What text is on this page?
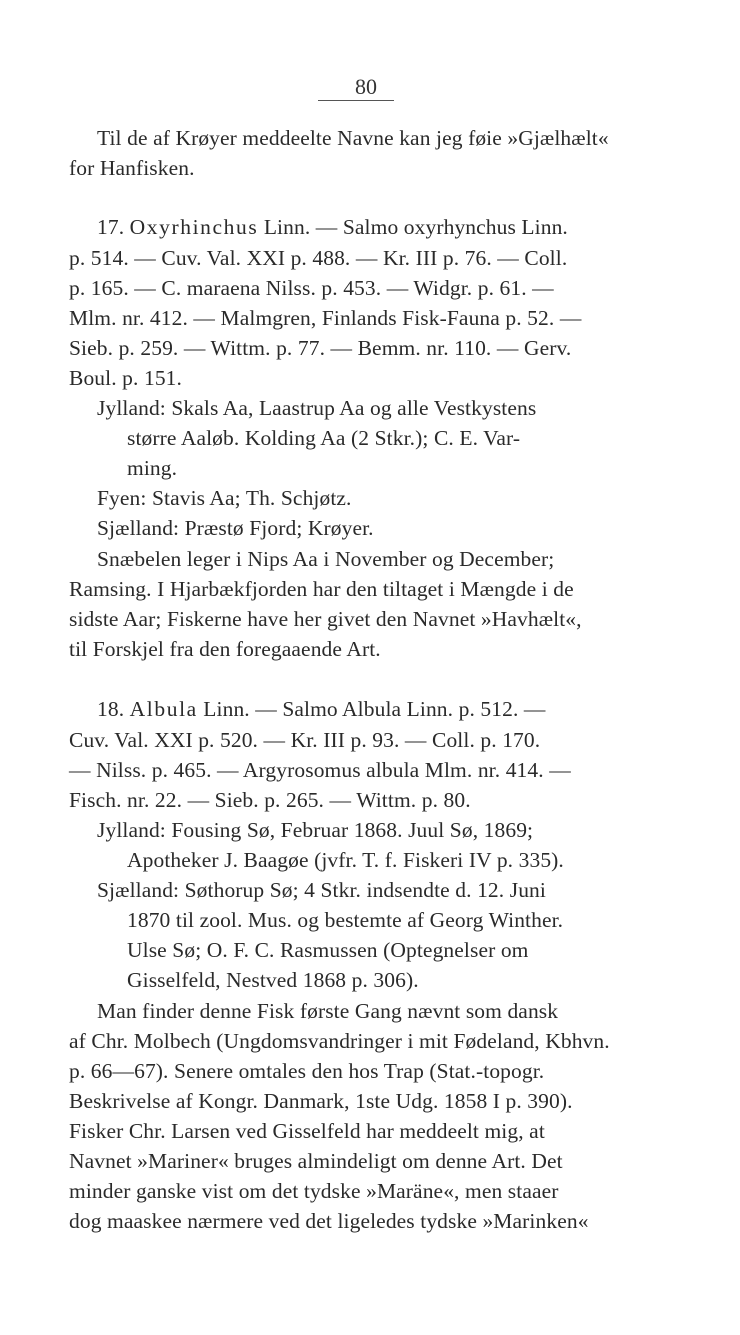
80
Til de af Krøyer meddeelte Navne kan jeg føie »Gjælhælt«
for Hanfisken.
17. Oxyrhinchus Linn. — Salmo oxyrhynchus Linn.
p. 514. — Cuv. Val. XXI p. 488. — Kr. III p. 76. — Coll.
p. 165. — C. maraena Nilss. p. 453. — Widgr. p. 61. —
Mlm. nr. 412. — Malmgren, Finlands Fisk-Fauna p. 52. —
Sieb. p. 259. — Wittm. p. 77. — Bemm. nr. 110. — Gerv.
Boul. p. 151.
Jylland: Skals Aa, Laastrup Aa og alle Vestkystens
større Aaløb. Kolding Aa (2 Stkr.); C. E. Var-
ming.
Fyen: Stavis Aa; Th. Schjøtz.
Sjælland: Præstø Fjord; Krøyer.
Snæbelen leger i Nips Aa i November og December;
Ramsing. I Hjarbækfjorden har den tiltaget i Mængde i de
sidste Aar; Fiskerne have her givet den Navnet »Havhælt«,
til Forskjel fra den foregaaende Art.
18. Albula Linn. — Salmo Albula Linn. p. 512. —
Cuv. Val. XXI p. 520. — Kr. III p. 93. — Coll. p. 170.
— Nilss. p. 465. — Argyrosomus albula Mlm. nr. 414. —
Fisch. nr. 22. — Sieb. p. 265. — Wittm. p. 80.
Jylland: Fousing Sø, Februar 1868. Juul Sø, 1869;
Apotheker J. Baagøe (jvfr. T. f. Fiskeri IV p. 335).
Sjælland: Søthorup Sø; 4 Stkr. indsendte d. 12. Juni
1870 til zool. Mus. og bestemte af Georg Winther.
Ulse Sø; O. F. C. Rasmussen (Optegnelser om
Gisselfeld, Nestved 1868 p. 306).
Man finder denne Fisk første Gang nævnt som dansk
af Chr. Molbech (Ungdomsvandringer i mit Fødeland, Kbhvn.
p. 66—67). Senere omtales den hos Trap (Stat.-topogr.
Beskrivelse af Kongr. Danmark, 1ste Udg. 1858 I p. 390).
Fisker Chr. Larsen ved Gisselfeld har meddeelt mig, at
Navnet »Mariner« bruges almindeligt om denne Art. Det
minder ganske vist om det tydske »Maräne«, men staaer
dog maaskee nærmere ved det ligeledes tydske »Marinken«
